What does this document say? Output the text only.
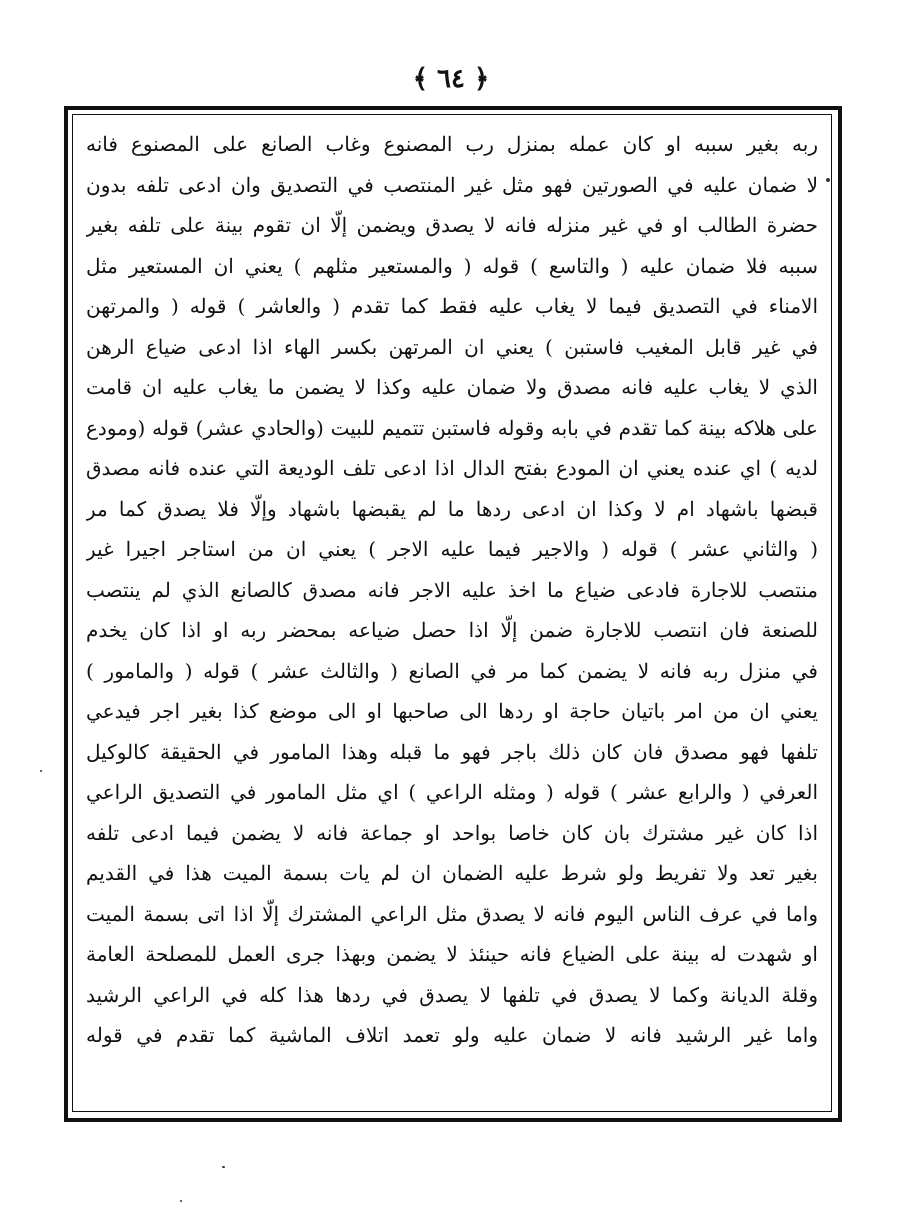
﴿ ٦٤ ﴾
ربه بغير سببه او كان عمله بمنزل رب المصنوع وغاب الصانع على المصنوع فانه
لا ضمان عليه في الصورتين فهو مثل غير المنتصب في التصديق وان ادعى تلفه بدون
حضرة الطالب او في غير منزله فانه لا يصدق ويضمن إلّا ان تقوم بينة على تلفه بغير
سببه فلا ضمان عليه ( والتاسع ) قوله ( والمستعير مثلهم ) يعني ان المستعير مثل
الامناء في التصديق فيما لا يغاب عليه فقط كما تقدم ( والعاشر ) قوله ( والمرتهن
في غير قابل المغيب فاستبن ) يعني ان المرتهن بكسر الهاء اذا ادعى ضياع الرهن
الذي لا يغاب عليه فانه مصدق ولا ضمان عليه وكذا لا يضمن ما يغاب عليه ان قامت
على هلاكه بينة كما تقدم في بابه وقوله فاستبن تتميم للبيت (والحادي عشر) قوله (ومودع
لديه ) اي عنده يعني ان المودع بفتح الدال اذا ادعى تلف الوديعة التي عنده فانه مصدق
قبضها باشهاد ام لا وكذا ان ادعى ردها ما لم يقبضها باشهاد وإلّا فلا يصدق كما مر
( والثاني عشر ) قوله ( والاجير فيما عليه الاجر ) يعني ان من استاجر اجيرا غير
منتصب للاجارة فادعى ضياع ما اخذ عليه الاجر فانه مصدق كالصانع الذي لم ينتصب
للصنعة فان انتصب للاجارة ضمن إلّا اذا حصل ضياعه بمحضر ربه او اذا كان يخدم
في منزل ربه فانه لا يضمن كما مر في الصانع ( والثالث عشر ) قوله ( والمامور )
يعني ان من امر باتيان حاجة او ردها الى صاحبها او الى موضع كذا بغير اجر فيدعي
تلفها فهو مصدق فان كان ذلك باجر فهو ما قبله وهذا المامور في الحقيقة كالوكيل
العرفي ( والرابع عشر ) قوله ( ومثله الراعي ) اي مثل المامور في التصديق الراعي
اذا كان غير مشترك بان كان خاصا بواحد او جماعة فانه لا يضمن فيما ادعى تلفه
بغير تعد ولا تفريط ولو شرط عليه الضمان ان لم يات بسمة الميت هذا في القديم
واما في عرف الناس اليوم فانه لا يصدق مثل الراعي المشترك إلّا اذا اتى بسمة الميت
او شهدت له بينة على الضياع فانه حينئذ لا يضمن وبهذا جرى العمل للمصلحة العامة
وقلة الديانة وكما لا يصدق في تلفها لا يصدق في ردها هذا كله في الراعي الرشيد
واما غير الرشيد فانه لا ضمان عليه ولو تعمد اتلاف الماشية كما تقدم في قوله
